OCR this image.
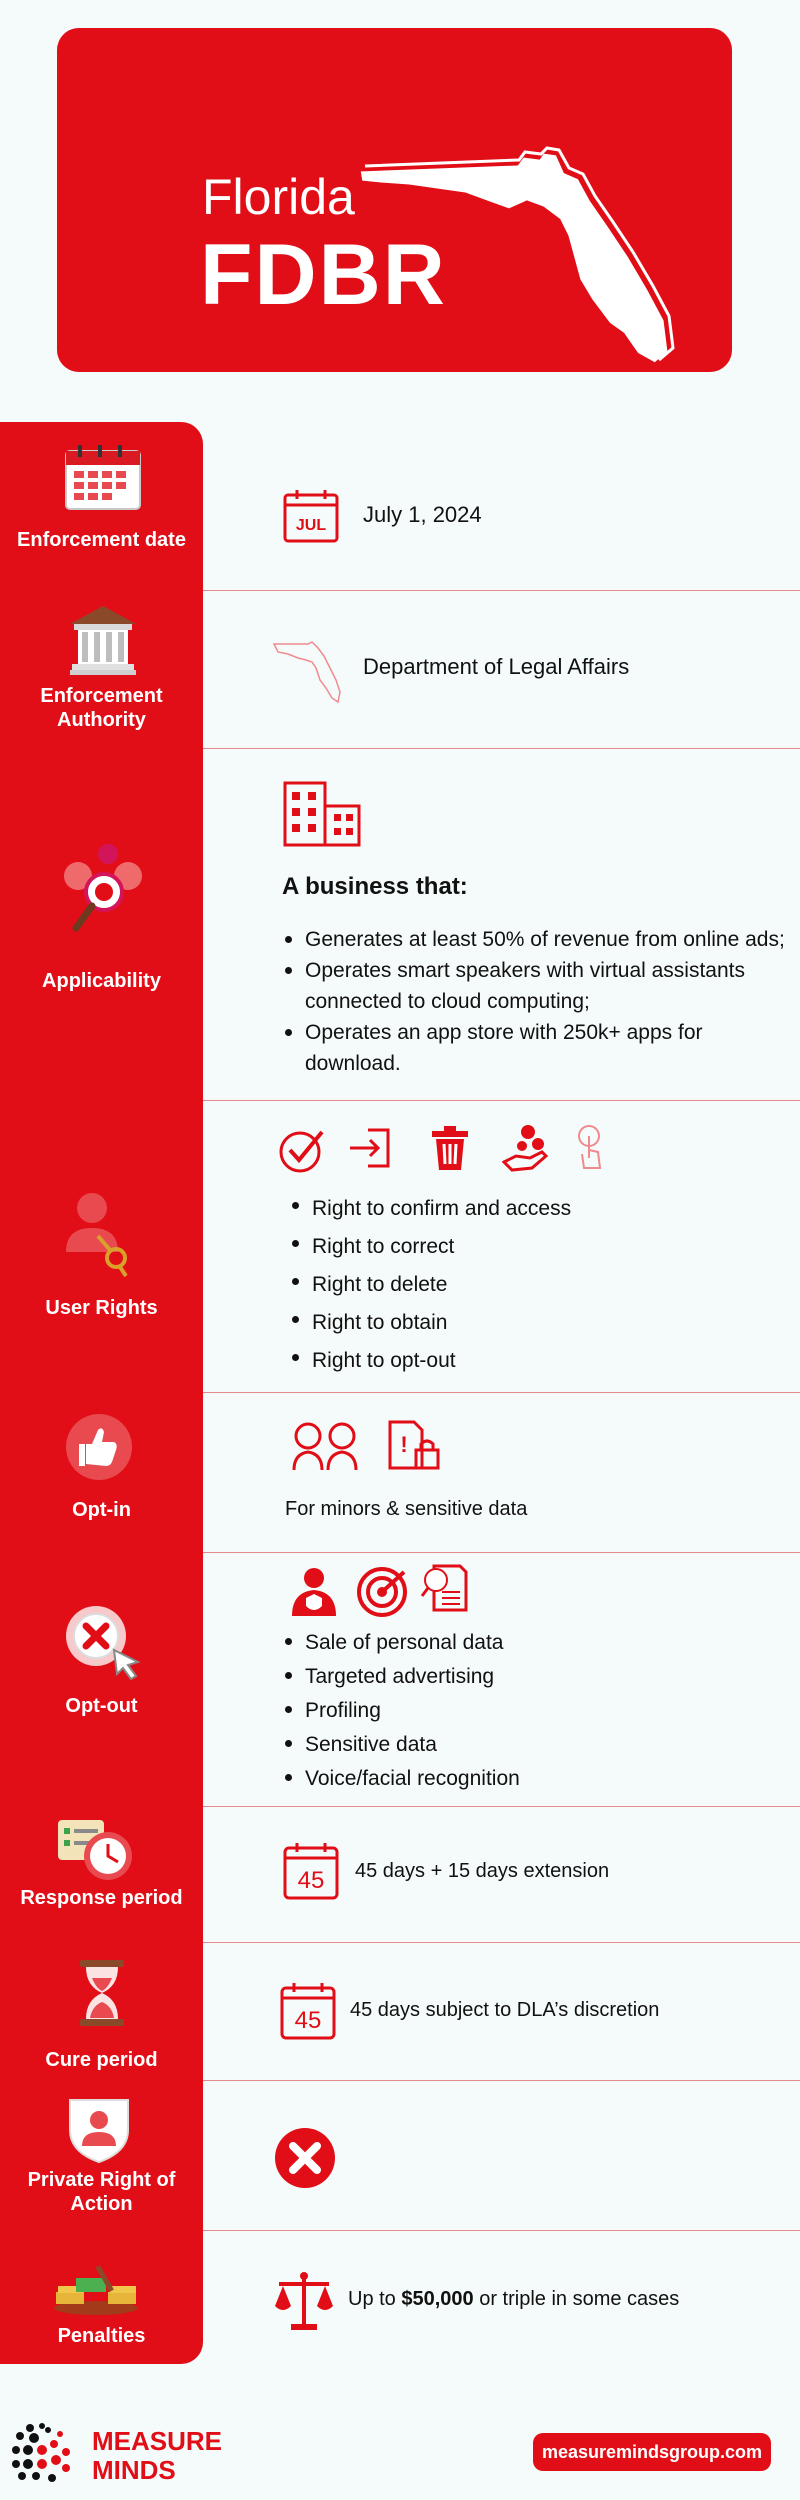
Florida
FDBR
Enforcement date
JUL July 1, 2024
Enforcement Authority
Department of Legal Affairs
Applicability
A business that:
Generates at least 50% of revenue from online ads;
Operates smart speakers with virtual assistants connected to cloud computing;
Operates an app store with 250k+ apps for download.
User Rights
Right to confirm and access
Right to correct
Right to delete
Right to obtain
Right to opt-out
Opt-in
!
For minors & sensitive data
Opt-out
Sale of personal data
Targeted advertising
Profiling
Sensitive data
Voice/facial recognition
Response period
45 45 days + 15 days extension
Cure period
45 45 days subject to DLA’s discretion
Private Right of Action
Penalties
Up to $50,000 or triple in some cases
MEASURE
MINDS
measuremindsgroup.com
